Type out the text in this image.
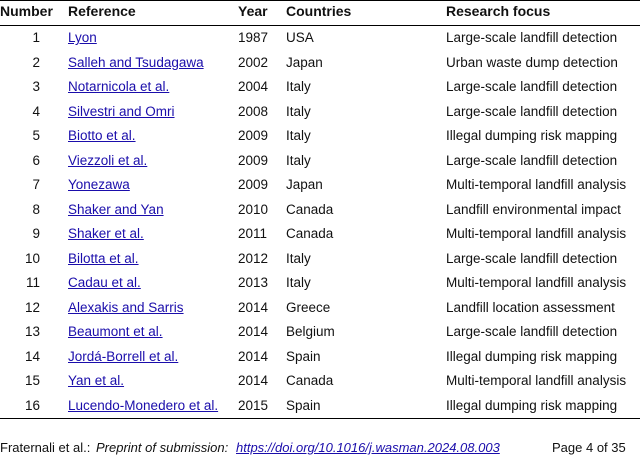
Number Reference	Year Countries	Research focus
1 Lyon	1987 USA	Large-scale landfill detection
2 Salleh and Tsudagawa	2002 Japan	Urban waste dump detection
3 Notarnicola et al.	2004 Italy	Large-scale landfill detection
4 Silvestri and Omri	2008 Italy	Large-scale landfill detection
5 Biotto et al.	2009 Italy	Illegal dumping risk mapping
6 Viezzoli et al.	2009 Italy	Large-scale landfill detection
7 Yonezawa	2009 Japan	Multi-temporal landfill analysis
8 Shaker and Yan	2010 Canada	Landfill environmental impact
9 Shaker et al.	2011 Canada	Multi-temporal landfill analysis
10 Bilotta et al.	2012 Italy	Large-scale landfill detection
11 Cadau et al.	2013 Italy	Multi-temporal landfill analysis
12 Alexakis and Sarris	2014 Greece	Landfill location assessment
13 Beaumont et al.	2014 Belgium	Large-scale landfill detection
14 Jordá-Borrell et al.	2014 Spain	Illegal dumping risk mapping
15 Yan et al.	2014 Canada	Multi-temporal landfill analysis
16 Lucendo-Monedero et al. 2015 Spain	Illegal dumping risk mapping
Fraternali et al.: Preprint of submission: https://doi.org/10.1016/j.wasman.2024.08.003	Page 4 of 35
